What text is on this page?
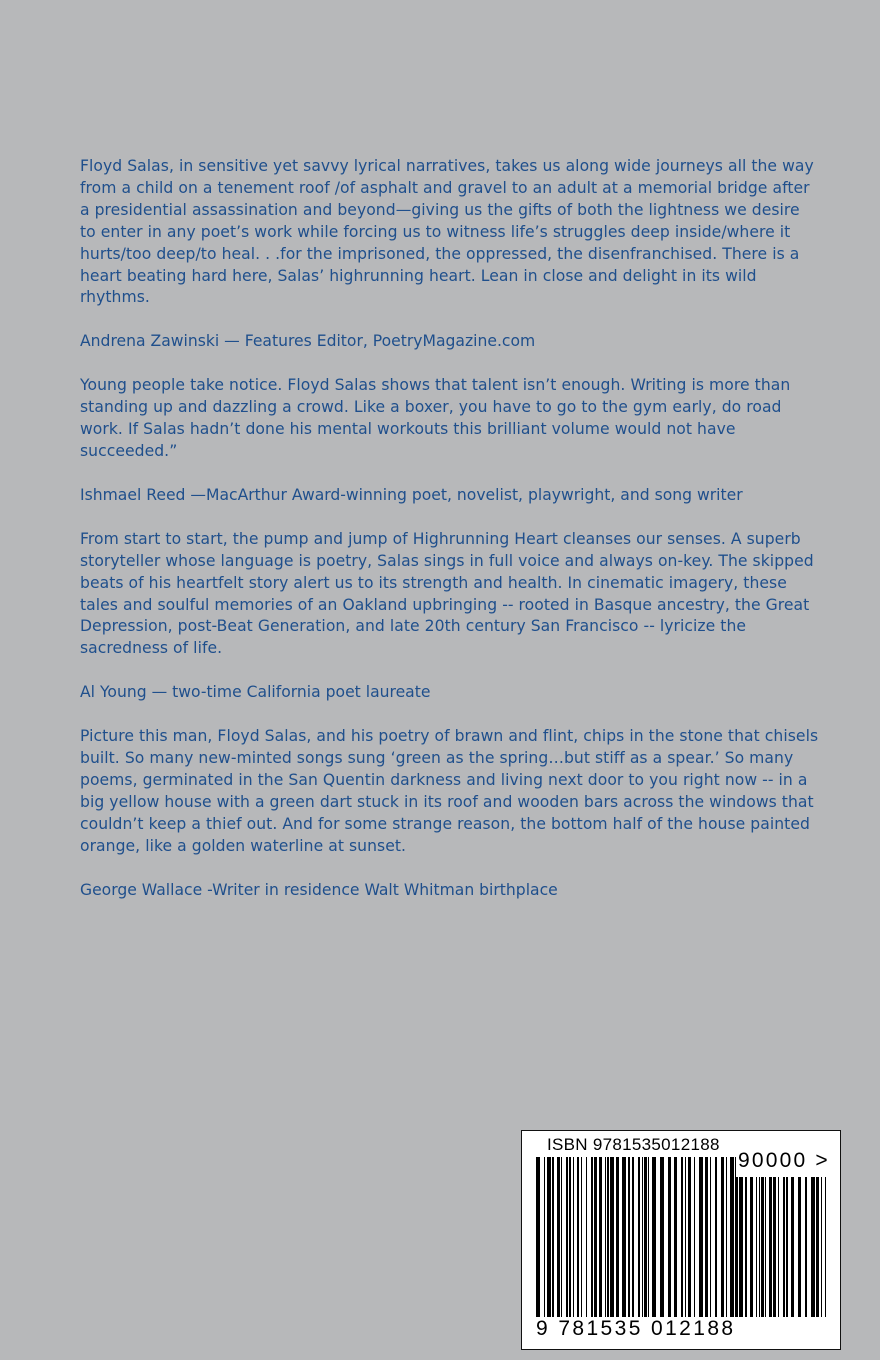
Floyd Salas, in sensitive yet savvy lyrical narratives, takes us along wide journeys all the way from a child on a tenement roof /of asphalt and gravel to an adult at a memorial bridge after a presidential assassination and beyond—giving us the gifts of both the lightness we desire to enter in any poet’s work while forcing us to witness life’s struggles deep inside/where it hurts/too deep/to heal. . .for the imprisoned, the oppressed, the disenfranchised. There is a heart beating hard here, Salas’ highrunning heart. Lean in close and delight in its wild rhythms.

Andrena Zawinski — Features Editor, PoetryMagazine.com

Young people take notice. Floyd Salas shows that talent isn’t enough. Writing is more than standing up and dazzling a crowd. Like a boxer, you have to go to the gym early, do road work. If Salas hadn’t done his mental workouts this brilliant volume would not have succeeded.”

Ishmael Reed —MacArthur Award-winning poet, novelist, playwright, and song writer

From start to start, the pump and jump of Highrunning Heart cleanses our senses. A superb storyteller whose language is poetry, Salas sings in full voice and always on-key. The skipped beats of his heartfelt story alert us to its strength and health. In cinematic imagery, these tales and soulful memories of an Oakland upbringing -- rooted in Basque ancestry, the Great Depression, post-Beat Generation, and late 20th century San Francisco -- lyricize the sacredness of life.

Al Young — two-time California poet laureate

Picture this man, Floyd Salas, and his poetry of brawn and flint, chips in the stone that chisels built. So many new-minted songs sung ‘green as the spring…but stiff as a spear.’ So many poems, germinated in the San Quentin darkness and living next door to you right now -- in a big yellow house with a green dart stuck in its roof and wooden bars across the windows that couldn’t keep a thief out. And for some strange reason, the bottom half of the house painted orange, like a golden waterline at sunset.

George Wallace -Writer in residence Walt Whitman birthplace

ISBN 9781535012188
9 781535 012188
90000 >
